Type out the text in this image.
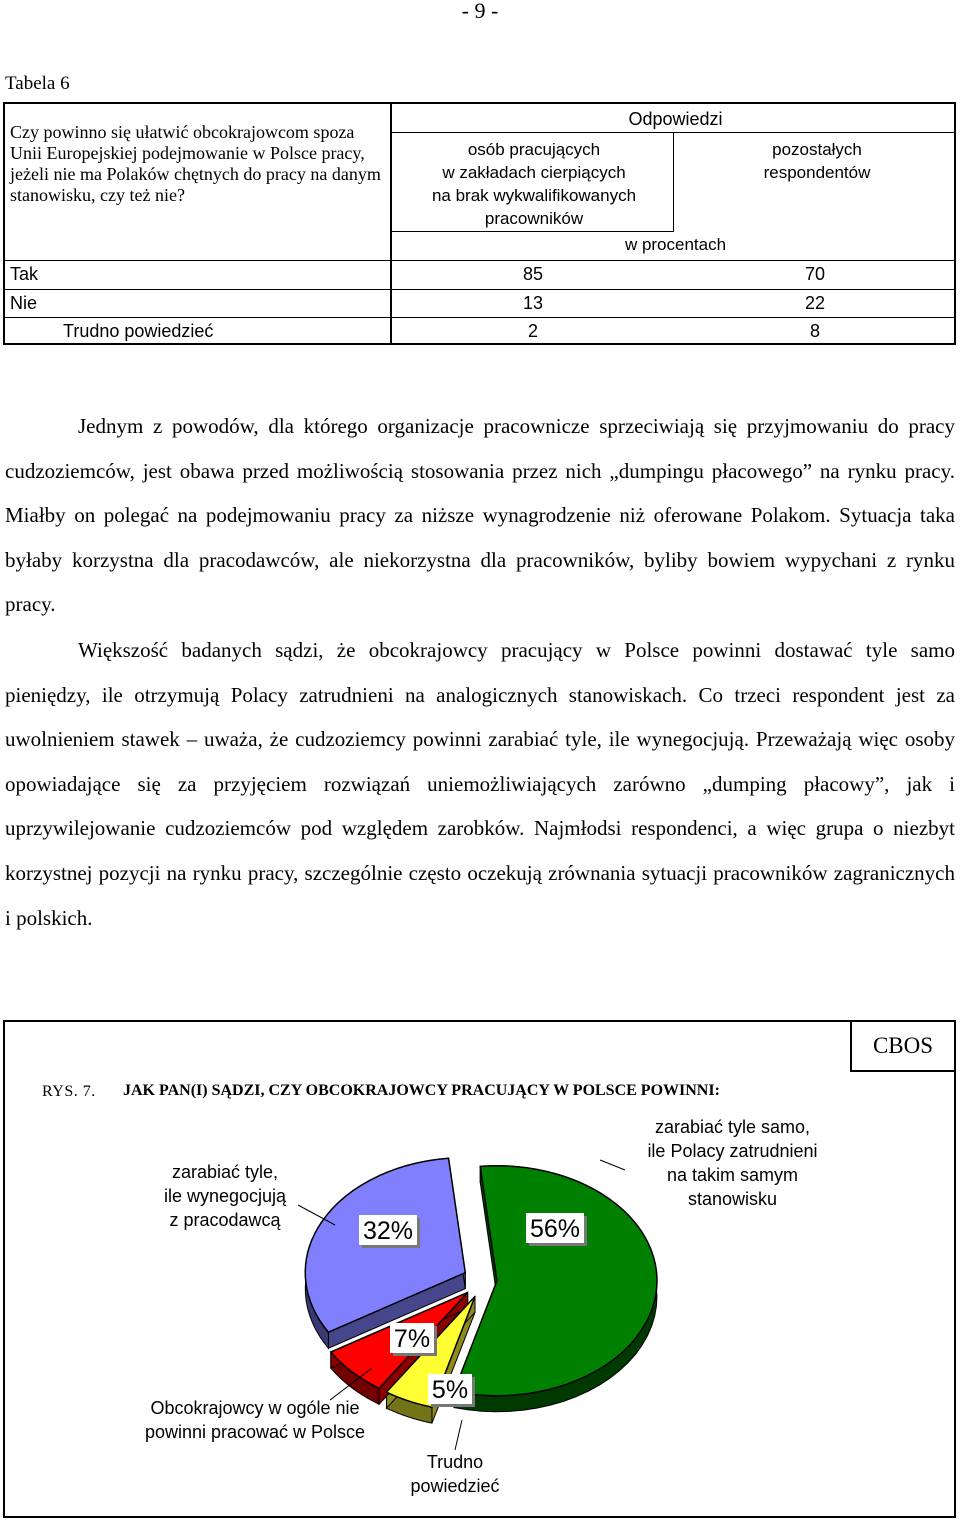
- 9 -
Tabela 6
Czy powinno się ułatwić obcokrajowcom spoza Unii Europejskiej podejmowanie w Polsce pracy, jeżeli nie ma Polaków chętnych do pracy na danym stanowisku, czy też nie?
Odpowiedzi
osób pracujących
w zakładach cierpiących
na brak wykwalifikowanych
pracowników
pozostałych
respondentów
w procentach
Tak	85	70
Nie	13	22
Trudno powiedzieć	2	8

Jednym z powodów, dla którego organizacje pracownicze sprzeciwiają się przyjmowaniu do pracy cudzoziemców, jest obawa przed możliwością stosowania przez nich „dumpingu płacowego” na rynku pracy. Miałby on polegać na podejmowaniu pracy za niższe wynagrodzenie niż oferowane Polakom. Sytuacja taka byłaby korzystna dla pracodawców, ale niekorzystna dla pracowników, byliby bowiem wypychani z rynku pracy.

Większość badanych sądzi, że obcokrajowcy pracujący w Polsce powinni dostawać tyle samo pieniędzy, ile otrzymują Polacy zatrudnieni na analogicznych stanowiskach. Co trzeci respondent jest za uwolnieniem stawek – uważa, że cudzoziemcy powinni zarabiać tyle, ile wynegocjują. Przeważają więc osoby opowiadające się za przyjęciem rozwiązań uniemożliwiających zarówno „dumping płacowy”, jak i uprzywilejowanie cudzoziemców pod względem zarobków. Najmłodsi respondenci, a więc grupa o niezbyt korzystnej pozycji na rynku pracy, szczególnie często oczekują zrównania sytuacji pracowników zagranicznych i polskich.

CBOS
RYS. 7. JAK PAN(I) SĄDZI, CZY OBCOKRAJOWCY PRACUJĄCY W POLSCE POWINNI:
56%
5%
7%
32%
zarabiać tyle,
ile wynegocjują
z pracodawcą
zarabiać tyle samo,
ile Polacy zatrudnieni
na takim samym
stanowisku
Obcokrajowcy w ogóle nie
powinni pracować w Polsce
Trudno
powiedzieć
